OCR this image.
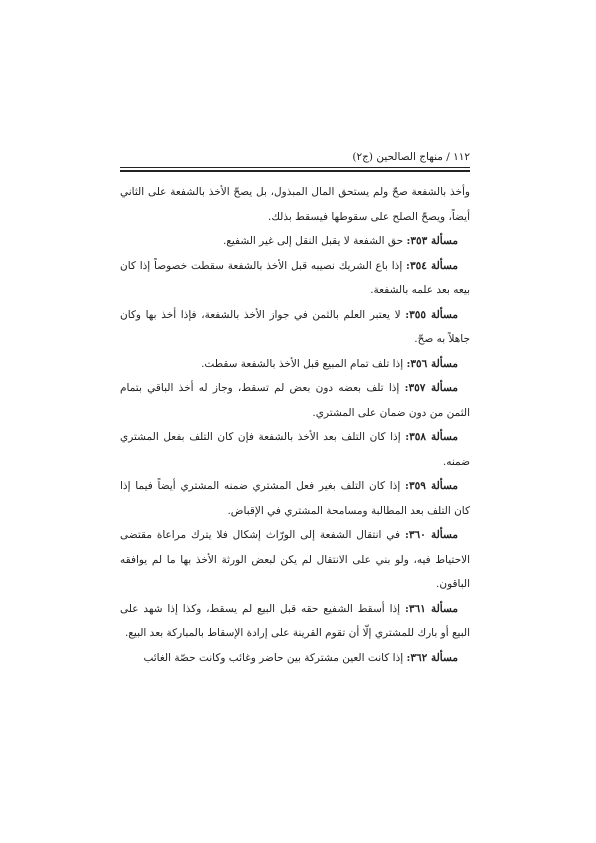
١١٢ / منهاج الصالحين (ج٢)

وأخذ بالشفعة صحّ ولم يستحق المال المبذول، بل يصحّ الأخذ بالشفعة على الثاني أيضاً، ويصحّ الصلح على سقوطها فيسقط بذلك.

مسألة ٣٥٣: حق الشفعة لا يقبل النقل إلى غير الشفيع.

مسألة ٣٥٤: إذا باع الشريك نصيبه قبل الأخذ بالشفعة سقطت خصوصاً إذا كان بيعه بعد علمه بالشفعة.

مسألة ٣٥٥: لا يعتبر العلم بالثمن في جواز الأخذ بالشفعة، فإذا أخذ بها وكان جاهلاً به صحّ.

مسألة ٣٥٦: إذا تلف تمام المبيع قبل الأخذ بالشفعة سقطت.

مسألة ٣٥٧: إذا تلف بعضه دون بعض لم تسقط، وجاز له أخذ الباقي بتمام الثمن من دون ضمان على المشتري.

مسألة ٣٥٨: إذا كان التلف بعد الأخذ بالشفعة فإن كان التلف بفعل المشتري ضمنه.

مسألة ٣٥٩: إذا كان التلف بغير فعل المشتري ضمنه المشتري أيضاً فيما إذا كان التلف بعد المطالبة ومسامحة المشتري في الإقباض.

مسألة ٣٦٠: في انتقال الشفعة إلى الورّاث إشكال فلا يترك مراعاة مقتضى الاحتياط فيه، ولو بني على الانتقال لم يكن لبعض الورثة الأخذ بها ما لم يوافقه الباقون.

مسألة ٣٦١: إذا أسقط الشفيع حقه قبل البيع لم يسقط، وكذا إذا شهد على البيع أو بارك للمشتري إلّا أن تقوم القرينة على إرادة الإسقاط بالمباركة بعد البيع.

مسألة ٣٦٢: إذا كانت العين مشتركة بين حاضر وغائب وكانت حصّة الغائب
